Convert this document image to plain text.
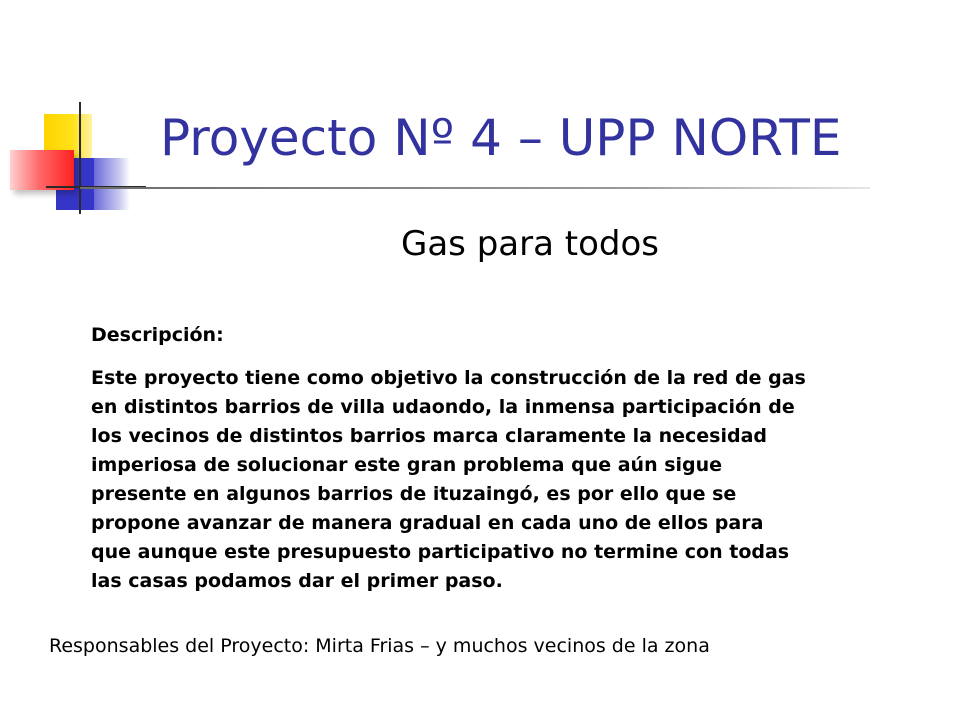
Proyecto Nº 4 – UPP NORTE
Gas para todos
Descripción:
Este proyecto tiene como objetivo la construcción de la red de gas
en distintos barrios de villa udaondo, la inmensa participación de
los vecinos de distintos barrios marca claramente la necesidad
imperiosa de solucionar este gran problema que aún sigue
presente en algunos barrios de ituzaingó, es por ello que se
propone avanzar de manera gradual en cada uno de ellos para
que aunque este presupuesto participativo no termine con todas
las casas podamos dar el primer paso.
Responsables del Proyecto: Mirta Frias – y muchos vecinos de la zona
